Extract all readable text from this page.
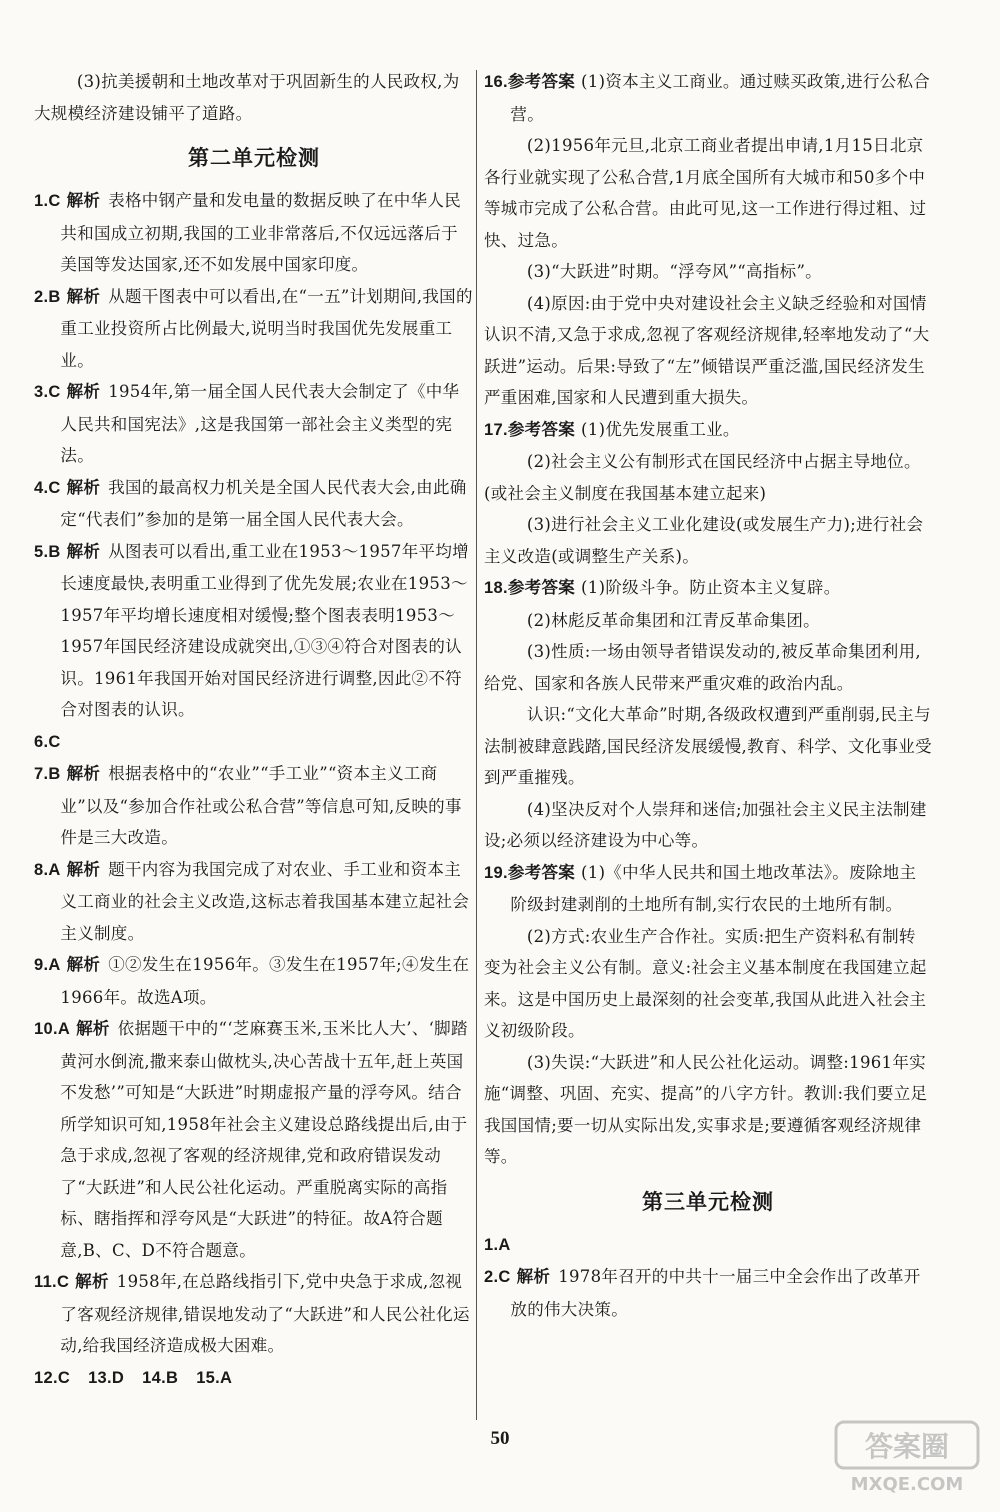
(3)抗美援朝和土地改革对于巩固新生的人民政权,为大规模经济建设铺平了道路。

第二单元检测

1.C 解析 表格中钢产量和发电量的数据反映了在中华人民共和国成立初期,我国的工业非常落后,不仅远远落后于美国等发达国家,还不如发展中国家印度。

2.B 解析 从题干图表中可以看出,在“一五”计划期间,我国的重工业投资所占比例最大,说明当时我国优先发展重工业。

3.C 解析 1954年,第一届全国人民代表大会制定了《中华人民共和国宪法》,这是我国第一部社会主义类型的宪法。

4.C 解析 我国的最高权力机关是全国人民代表大会,由此确定“代表们”参加的是第一届全国人民代表大会。

5.B 解析 从图表可以看出,重工业在1953～1957年平均增长速度最快,表明重工业得到了优先发展;农业在1953～1957年平均增长速度相对缓慢;整个图表表明1953～1957年国民经济建设成就突出,①③④符合对图表的认识。1961年我国开始对国民经济进行调整,因此②不符合对图表的认识。

6.C

7.B 解析 根据表格中的“农业”“手工业”“资本主义工商业”以及“参加合作社或公私合营”等信息可知,反映的事件是三大改造。

8.A 解析 题干内容为我国完成了对农业、手工业和资本主义工商业的社会主义改造,这标志着我国基本建立起社会主义制度。

9.A 解析 ①②发生在1956年。③发生在1957年;④发生在1966年。故选A项。

10.A 解析 依据题干中的“‘芝麻赛玉米,玉米比人大’、‘脚踏黄河水倒流,撒来泰山做枕头,决心苦战十五年,赶上英国不发愁’”可知是“大跃进”时期虚报产量的浮夸风。结合所学知识可知,1958年社会主义建设总路线提出后,由于急于求成,忽视了客观的经济规律,党和政府错误发动了“大跃进”和人民公社化运动。严重脱离实际的高指标、瞎指挥和浮夸风是“大跃进”的特征。故A符合题意,B、C、D不符合题意。

11.C 解析 1958年,在总路线指引下,党中央急于求成,忽视了客观经济规律,错误地发动了“大跃进”和人民公社化运动,给我国经济造成极大困难。

12.C 13.D 14.B 15.A

16.参考答案 (1)资本主义工商业。通过赎买政策,进行公私合营。

(2)1956年元旦,北京工商业者提出申请,1月15日北京各行业就实现了公私合营,1月底全国所有大城市和50多个中等城市完成了公私合营。由此可见,这一工作进行得过粗、过快、过急。

(3)“大跃进”时期。“浮夸风”“高指标”。

(4)原因:由于党中央对建设社会主义缺乏经验和对国情认识不清,又急于求成,忽视了客观经济规律,轻率地发动了“大跃进”运动。后果:导致了“左”倾错误严重泛滥,国民经济发生严重困难,国家和人民遭到重大损失。

17.参考答案 (1)优先发展重工业。

(2)社会主义公有制形式在国民经济中占据主导地位。(或社会主义制度在我国基本建立起来)

(3)进行社会主义工业化建设(或发展生产力);进行社会主义改造(或调整生产关系)。

18.参考答案 (1)阶级斗争。防止资本主义复辟。

(2)林彪反革命集团和江青反革命集团。

(3)性质:一场由领导者错误发动的,被反革命集团利用,给党、国家和各族人民带来严重灾难的政治内乱。

认识:“文化大革命”时期,各级政权遭到严重削弱,民主与法制被肆意践踏,国民经济发展缓慢,教育、科学、文化事业受到严重摧残。

(4)坚决反对个人崇拜和迷信;加强社会主义民主法制建设;必须以经济建设为中心等。

19.参考答案 (1)《中华人民共和国土地改革法》。废除地主阶级封建剥削的土地所有制,实行农民的土地所有制。

(2)方式:农业生产合作社。实质:把生产资料私有制转变为社会主义公有制。意义:社会主义基本制度在我国建立起来。这是中国历史上最深刻的社会变革,我国从此进入社会主义初级阶段。

(3)失误:“大跃进”和人民公社化运动。调整:1961年实施“调整、巩固、充实、提高”的八字方针。教训:我们要立足我国国情;要一切从实际出发,实事求是;要遵循客观经济规律等。

第三单元检测

1.A

2.C 解析 1978年召开的中共十一届三中全会作出了改革开放的伟大决策。

50	答案圈
MXQE.COM
